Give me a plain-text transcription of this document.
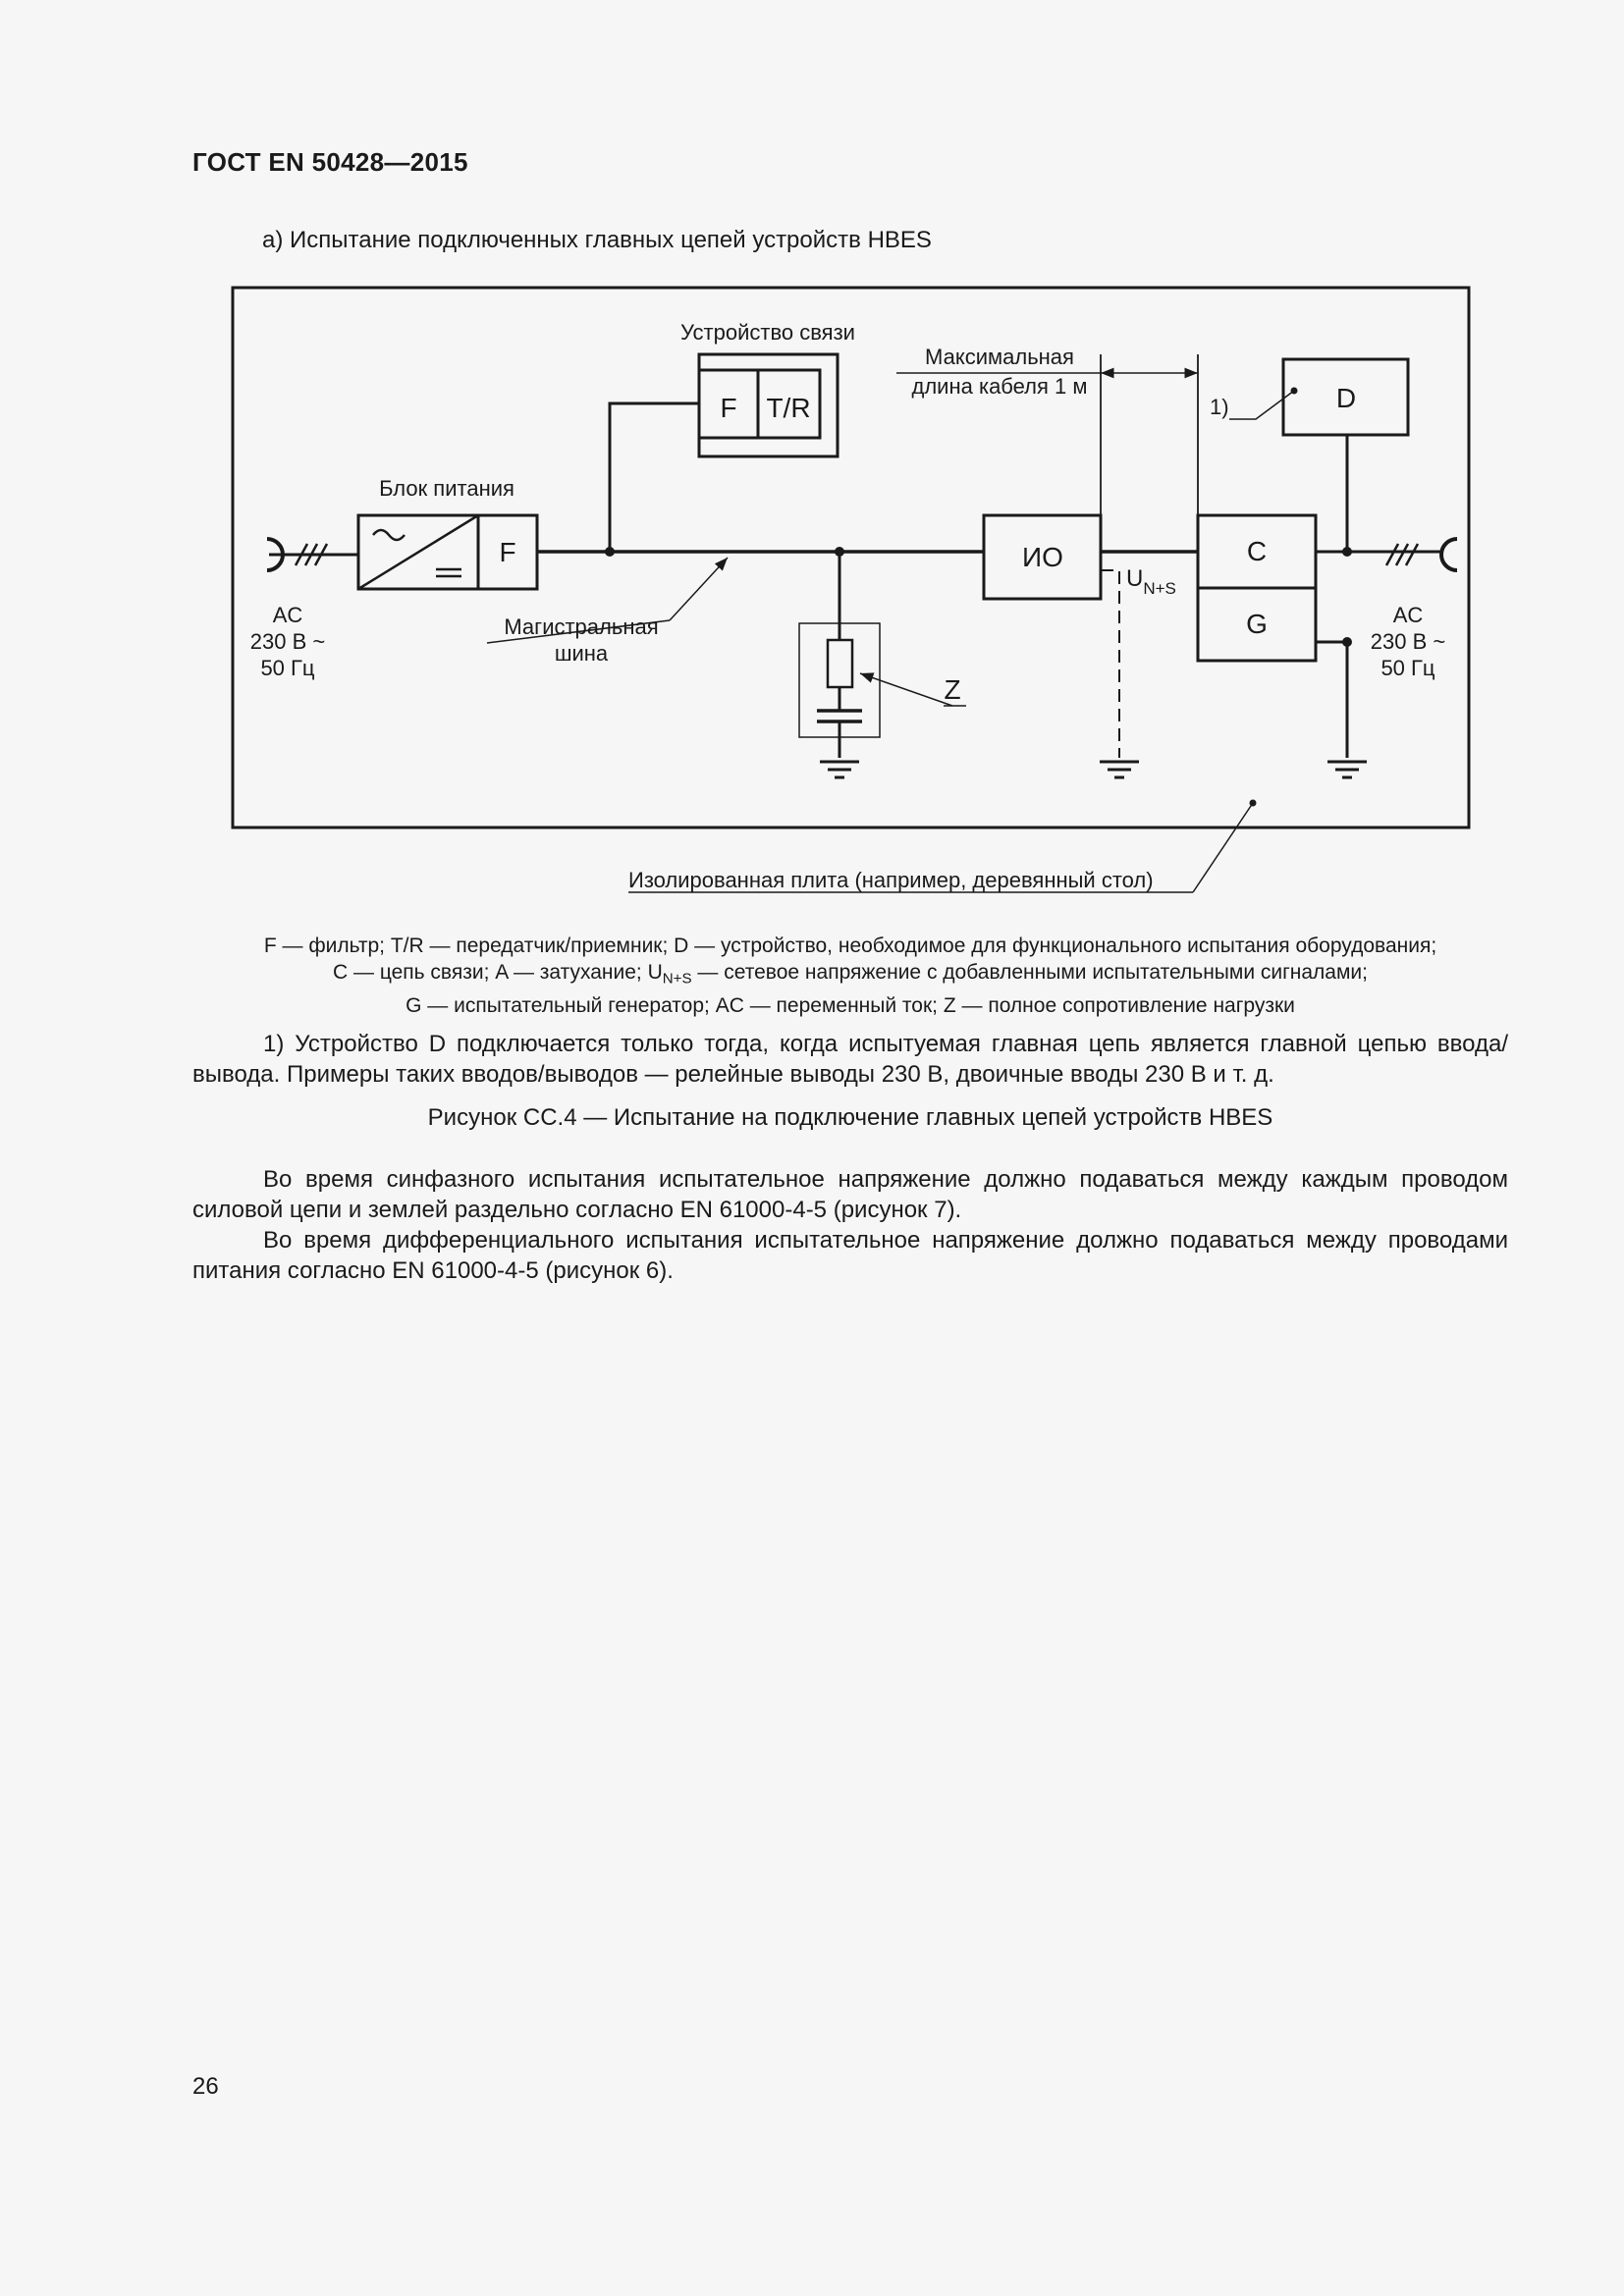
ГОСТ EN 50428—2015
а) Испытание подключенных главных цепей устройств HBES
Устройство связи
F T/R
Максимальная
длина кабеля 1 м
1)	D
Блок питания
F	ИО	C
G
$U_{N+S}$
AC
230 В ~
50 Гц
Магистральная
шина
Z
AC
230 В ~
50 Гц
Изолированная плита (например, деревянный стол)
F — фильтр; T/R — передатчик/приемник; D — устройство, необходимое для функционального испытания оборудования;
C — цепь связи; A — затухание; $U_{N+S}$ — сетевое напряжение с добавленными испытательными сигналами;
G — испытательный генератор; AC — переменный ток; Z — полное сопротивление нагрузки
1) Устройство D подключается только тогда, когда испытуемая главная цепь является главной цепью ввода/вывода. Примеры таких вводов/выводов — релейные выводы 230 В, двоичные вводы 230 В и т. д.
Рисунок СС.4 — Испытание на подключение главных цепей устройств HBES
Во время синфазного испытания испытательное напряжение должно подаваться между каждым проводом силовой цепи и землей раздельно согласно EN 61000-4-5 (рисунок 7).
Во время дифференциального испытания испытательное напряжение должно подаваться между проводами питания согласно EN 61000-4-5 (рисунок 6).
26
